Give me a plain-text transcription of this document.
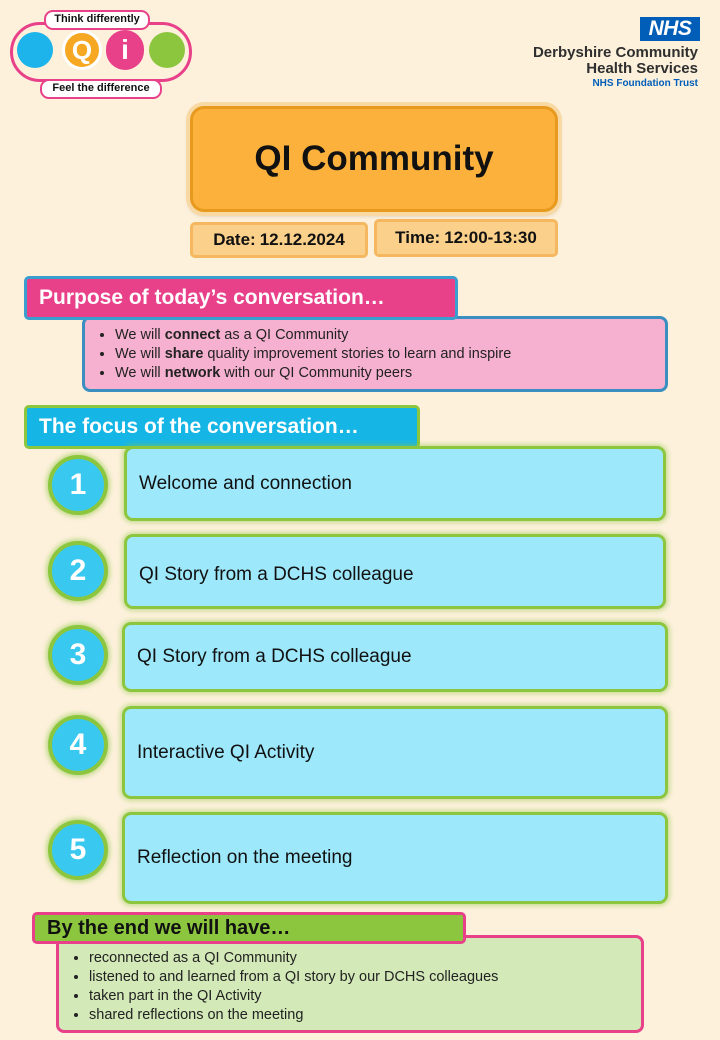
Q i
Think differently
Feel the difference
NHS
Derbyshire Community
Health Services
NHS Foundation Trust
QI Community
Date: 12.12.2024	Time: 12:00-13:30
• We will connect as a QI Community
• We will share quality improvement stories to learn and inspire
• We will network with our QI Community peers
Purpose of today’s conversation…
The focus of the conversation…
1	Welcome and connection
2	QI Story from a DCHS colleague
3	QI Story from a DCHS colleague
4	Interactive QI Activity
5	Reflection on the meeting
• reconnected as a QI Community
• listened to and learned from a QI story by our DCHS colleagues
• taken part in the QI Activity
• shared reflections on the meeting
By the end we will have…
